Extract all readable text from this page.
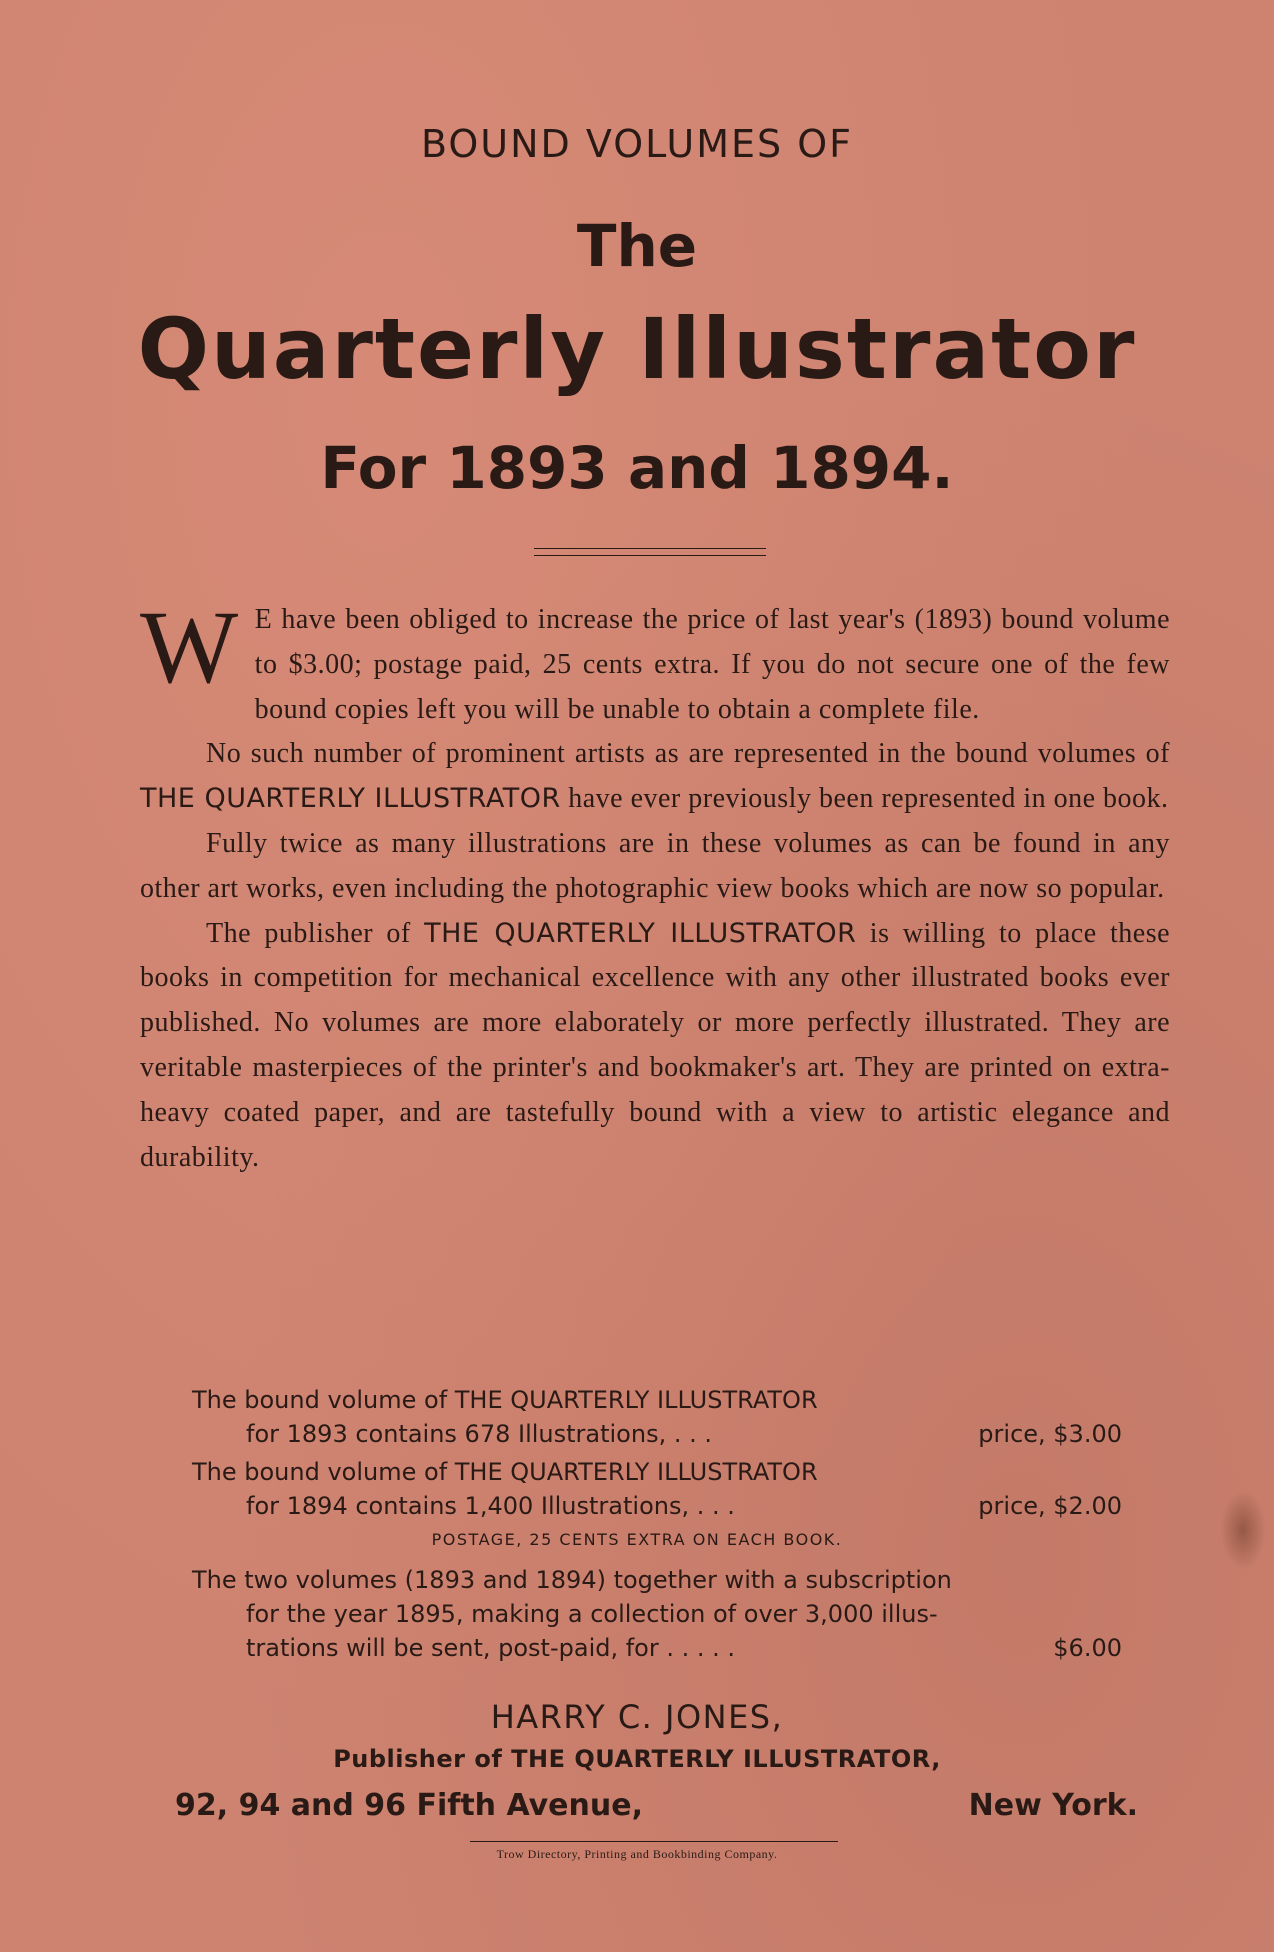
BOUND VOLUMES OF
The
Quarterly Illustrator
For 1893 and 1894.

W E have been obliged to increase the price of last year's (1893) bound volume to $3.00; postage paid, 25 cents extra. If you do not secure one of the few bound copies left you will be unable to obtain a complete file.

No such number of prominent artists as are represented in the bound volumes of THE QUARTERLY ILLUSTRATOR have ever previously been represented in one book.

Fully twice as many illustrations are in these volumes as can be found in any other art works, even including the photographic view books which are now so popular.

The publisher of THE QUARTERLY ILLUSTRATOR is willing to place these books in competition for mechanical excellence with any other illustrated books ever published. No volumes are more elaborately or more perfectly illustrated. They are veritable masterpieces of the printer's and bookmaker's art. They are printed on extra-heavy coated paper, and are tastefully bound with a view to artistic elegance and durability.

The bound volume of THE QUARTERLY ILLUSTRATOR
for 1893 contains 678 Illustrations, . . .	price, $3.00
The bound volume of THE QUARTERLY ILLUSTRATOR
for 1894 contains 1,400 Illustrations, . . .	price, $2.00
POSTAGE, 25 CENTS EXTRA ON EACH BOOK.
The two volumes (1893 and 1894) together with a subscription
for the year 1895, making a collection of over 3,000 illus-
trations will be sent, post-paid, for . . . . .	$6.00
HARRY C. JONES,
Publisher of THE QUARTERLY ILLUSTRATOR,
92, 94 and 96 Fifth Avenue,	New York.
Trow Directory, Printing and Bookbinding Company.
